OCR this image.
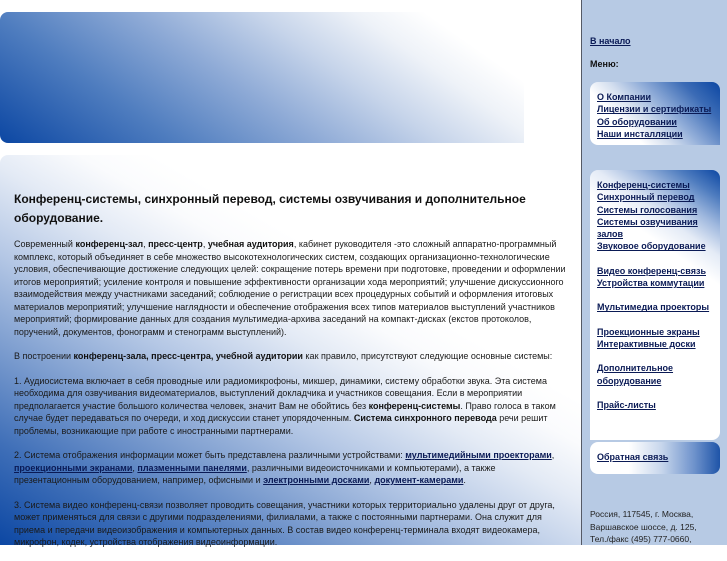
Конференц-системы, синхронный перевод, системы озвучивания и дополнительное оборудование.

Современный конференц-зал, пресс-центр, учебная аудитория, кабинет руководителя -это сложный аппаратно-программный комплекс, который объединяет в себе множество высокотехнологических систем, создающих организационно-технологические условия, обеспечивающие достижение следующих целей: сокращение потерь времени при подготовке, проведении и оформлении итогов мероприятий; усиление контроля и повышение эффективности организации хода мероприятий; улучшение дискуссионного взаимодействия между участниками заседаний; соблюдение о регистрации всех процедурных событий и оформления итоговых материалов мероприятий; улучшение наглядности и обеспечение отображения всех типов материалов выступлений участников мероприятий; формирование данных для создания мультимедиа-архива заседаний на компакт-дисках (екстов протоколов, поручений, документов, фонограмм и стенограмм выступлений).

В построении конференц-зала, пресс-центра, учебной аудитории как правило, присутствуют следующие основные системы:

1. Аудиосистема включает в себя проводные или радиомикрофоны, микшер, динамики, систему обработки звука. Эта система необходима для озвучивания видеоматериалов, выступлений докладчика и участников совещания. Если в мероприятии предполагается участие большого количества человек, значит Вам не обойтись без конференц-системы. Право голоса в таком случае будет передаваться по очереди, и ход дискуссии станет упорядоченным. Система синхронного перевода речи решит проблемы, возникающие при работе с иностранными партнерами.

2. Система отображения информации может быть представлена различными устройствами: мультимедийными проекторами, проекционными экранами, плазменными панелями, различными видеоисточниками и компьютерами), а также презентационным оборудованием, например, офисными и электронными досками, документ-камерами.

3. Система видео конференц-связи позволяет проводить совещания, участники которых территориально удалены друг от друга, может применяться для связи с другими подразделениями, филиалами, а также с постоянными партнерами. Она служит для приема и передачи видеоизображения и компьютерных данных. В состав видео конференц-терминала входят видеокамера, микрофон, кодек, устройства отображения видеоинформации.

В начало
Меню:
О Компании
Лицензии и сертификаты
Об оборудовании
Наши инсталляции
Конференц-системы
Синхронный перевод
Системы голосования
Системы озвучивания залов
Звуковое оборудование
Видео конференц-связь
Устройства коммутации
Мультимедиа проекторы
Проекционные экраны
Интерактивные доски
Дополнительное оборудование
Прайс-листы
Обратная связь
Россия, 117545, г. Москва,
Варшавское шоссе, д. 125,
Тел./факс (495) 777-0660,
